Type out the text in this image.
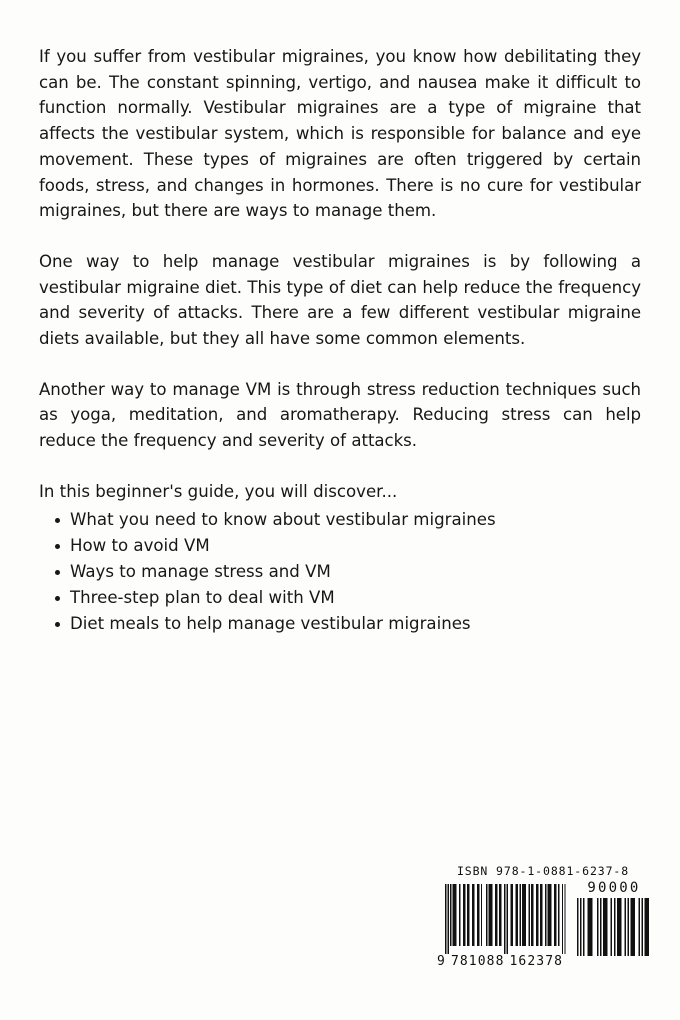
If you suffer from vestibular migraines, you know how debilitating they can be. The constant spinning, vertigo, and nausea make it difficult to function normally. Vestibular migraines are a type of migraine that affects the vestibular system, which is responsible for balance and eye movement. These types of migraines are often triggered by certain foods, stress, and changes in hormones. There is no cure for vestibular migraines, but there are ways to manage them.

One way to help manage vestibular migraines is by following a vestibular migraine diet. This type of diet can help reduce the frequency and severity of attacks. There are a few different vestibular migraine diets available, but they all have some common elements.

Another way to manage VM is through stress reduction techniques such as yoga, meditation, and aromatherapy. Reducing stress can help reduce the frequency and severity of attacks.

In this beginner's guide, you will discover...

What you need to know about vestibular migraines
How to avoid VM
Ways to manage stress and VM
Three-step plan to deal with VM
Diet meals to help manage vestibular migraines
ISBN 978-1-0881-6237-8
9 781088 162378
90000
